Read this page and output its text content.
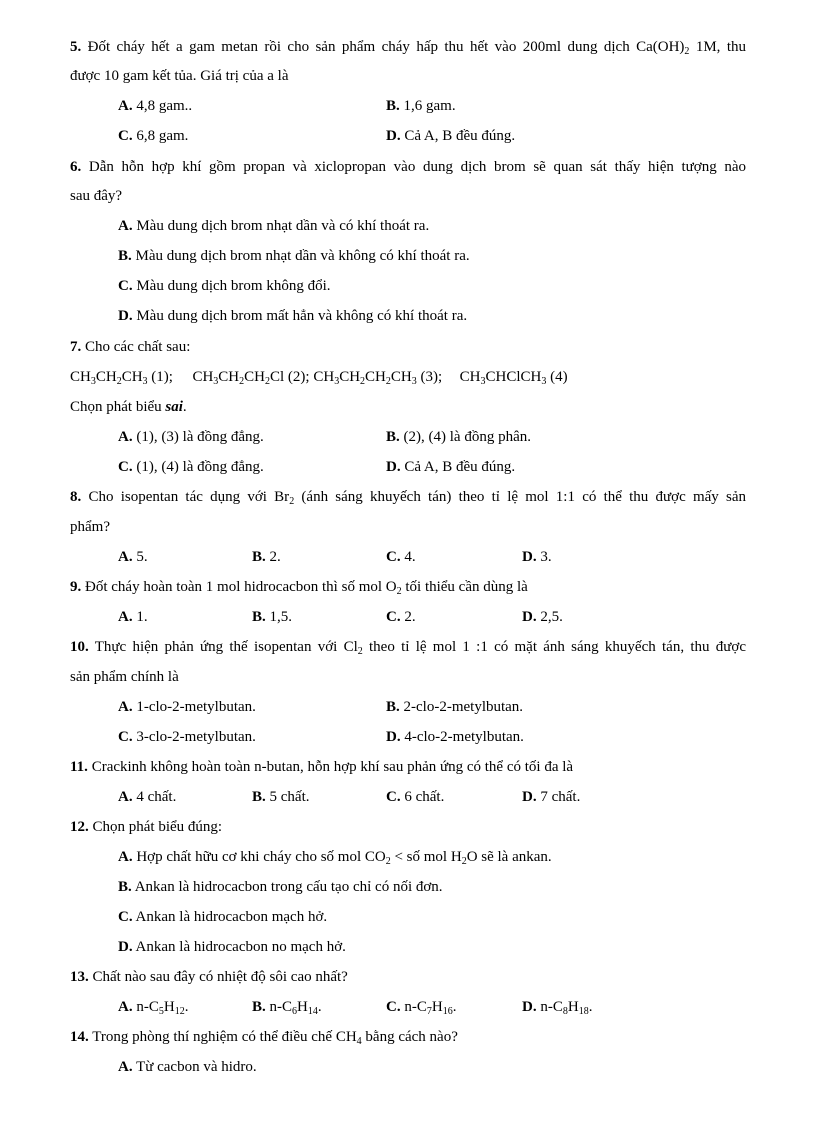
5. Đốt cháy hết a gam metan rồi cho sản phẩm cháy hấp thu hết vào 200ml dung dịch $Ca(OH)_2$ 1M, thu
được 10 gam kết tủa. Giá trị của a là
A. 4,8 gam..	B. 1,6 gam.
C. 6,8 gam.	D. Cả A, B đều đúng.
6. Dẫn hỗn hợp khí gồm propan và xiclopropan vào dung dịch brom sẽ quan sát thấy hiện tượng nào
sau đây?
A. Màu dung dịch brom nhạt dần và có khí thoát ra.
B. Màu dung dịch brom nhạt dần và không có khí thoát ra.
C. Màu dung dịch brom không đổi.
D. Màu dung dịch brom mất hẳn và không có khí thoát ra.
7. Cho các chất sau:
$CH_3CH_2CH_3$ (1); $CH_3CH_2CH_2Cl$ (2); $CH_3CH_2CH_2CH_3$ (3); $CH_3CHClCH_3$ (4)
Chọn phát biểu sai.
A. (1), (3) là đồng đẳng.	B. (2), (4) là đồng phân.
C. (1), (4) là đồng đẳng.	D. Cả A, B đều đúng.
8. Cho isopentan tác dụng với $Br_2$ (ánh sáng khuyếch tán) theo tỉ lệ mol 1:1 có thể thu được mấy sản
phẩm?
A. 5.	B. 2.	C. 4.	D. 3.
9. Đốt cháy hoàn toàn 1 mol hidrocacbon thì số mol $O_2$ tối thiểu cần dùng là
A. 1.	B. 1,5.	C. 2.	D. 2,5.
10. Thực hiện phản ứng thế isopentan với $Cl_2$ theo tỉ lệ mol 1 :1 có mặt ánh sáng khuyếch tán, thu được
sản phẩm chính là
A. 1-clo-2-metylbutan.	B. 2-clo-2-metylbutan.
C. 3-clo-2-metylbutan.	D. 4-clo-2-metylbutan.
11. Crackinh không hoàn toàn n-butan, hỗn hợp khí sau phản ứng có thể có tối đa là
A. 4 chất.	B. 5 chất.	C. 6 chất.	D. 7 chất.
12. Chọn phát biểu đúng:
A. Hợp chất hữu cơ khi cháy cho số mol $CO_2$ < số mol $H_2O$ sẽ là ankan.
B. Ankan là hidrocacbon trong cấu tạo chỉ có nối đơn.
C. Ankan là hidrocacbon mạch hở.
D. Ankan là hidrocacbon no mạch hở.
13. Chất nào sau đây có nhiệt độ sôi cao nhất?
A. $n-C_5H_{12}$.	B. $n-C_6H_{14}$.	C. $n-C_7H_{16}$.	D. $n-C_8H_{18}$.
14. Trong phòng thí nghiệm có thể điều chế $CH_4$ bằng cách nào?
A. Từ cacbon và hidro.
